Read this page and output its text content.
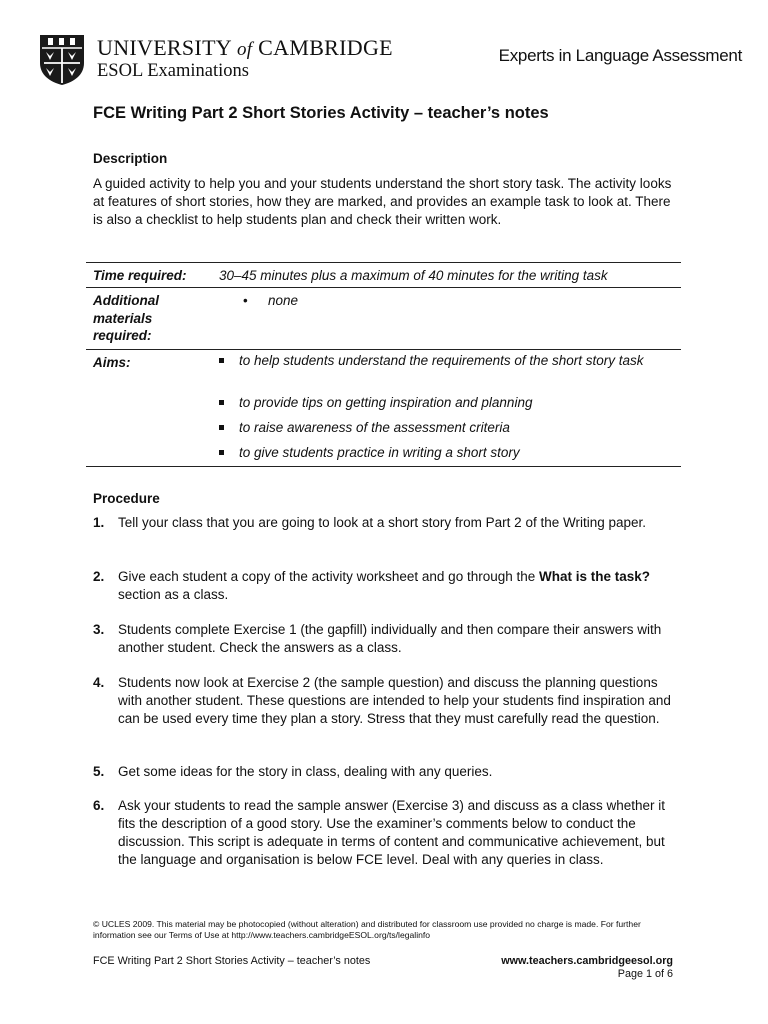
UNIVERSITY of CAMBRIDGE
ESOL Examinations
Experts in Language Assessment
FCE Writing Part 2 Short Stories Activity – teacher’s notes
Description

A guided activity to help you and your students understand the short story task. The activity looks at features of short stories, how they are marked, and provides an example task to look at. There is also a checklist to help students plan and check their written work.

Time required:	30–45 minutes plus a maximum of 40 minutes for the writing task
Additional materials required:
• none
Aims:	to help students understand the requirements of the short story task
to provide tips on getting inspiration and planning
to raise awareness of the assessment criteria
to give students practice in writing a short story
Procedure
1. Tell your class that you are going to look at a short story from Part 2 of the Writing paper.
2. Give each student a copy of the activity worksheet and go through the What is the task? section as a class.
3. Students complete Exercise 1 (the gapfill) individually and then compare their answers with another student. Check the answers as a class.
4. Students now look at Exercise 2 (the sample question) and discuss the planning questions with another student. These questions are intended to help your students find inspiration and can be used every time they plan a story. Stress that they must carefully read the question.
5. Get some ideas for the story in class, dealing with any queries.
6. Ask your students to read the sample answer (Exercise 3) and discuss as a class whether it fits the description of a good story. Use the examiner’s comments below to conduct the discussion. This script is adequate in terms of content and communicative achievement, but the language and organisation is below FCE level. Deal with any queries in class.
© UCLES 2009. This material may be photocopied (without alteration) and distributed for classroom use provided no charge is made. For further information see our Terms of Use at http://www.teachers.cambridgeESOL.org/ts/legalinfo
FCE Writing Part 2 Short Stories Activity – teacher’s notes	www.teachers.cambridgeesol.org
Page 1 of 6
